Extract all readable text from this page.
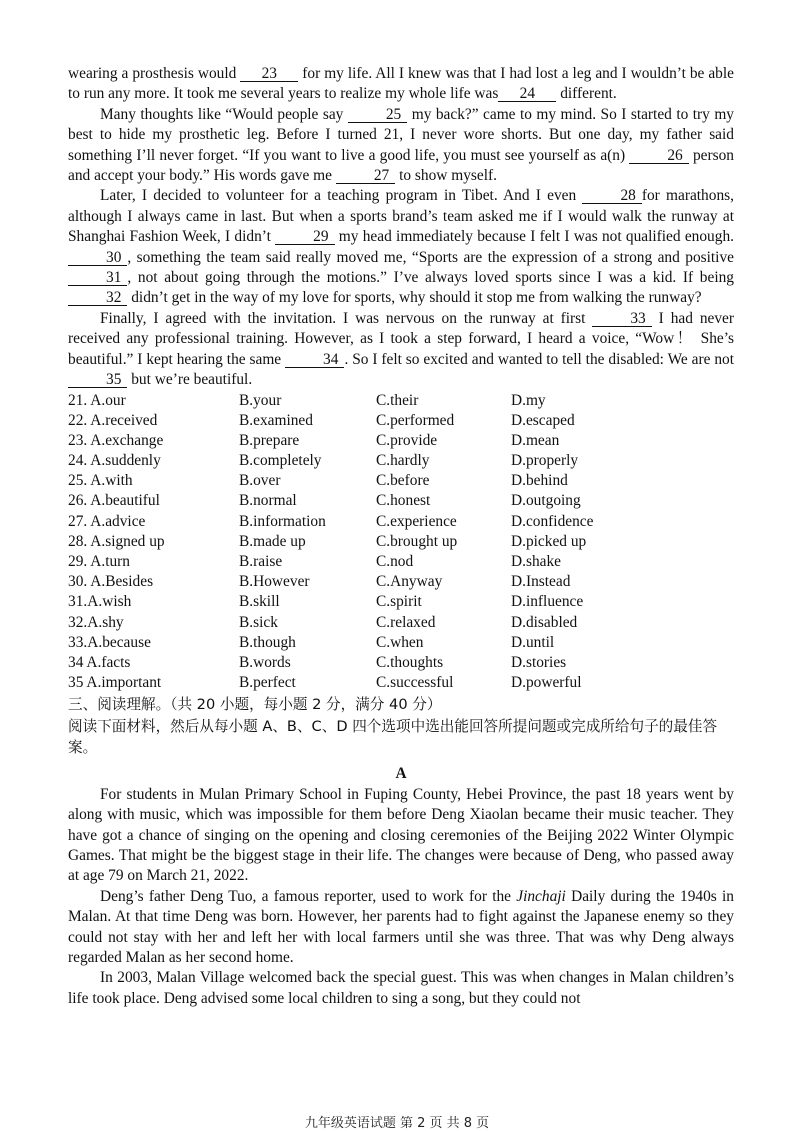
wearing a prosthesis would 23 for my life. All I knew was that I had lost a leg and I wouldn’t be able to run any more. It took me several years to realize my whole life was 24 different.

Many thoughts like “Would people say 25 my back?” came to my mind. So I started to try my best to hide my prosthetic leg. Before I turned 21, I never wore shorts. But one day, my father said something I’ll never forget. “If you want to live a good life, you must see yourself as a(n) 26 person and accept your body.” His words gave me 27 to show myself.

Later, I decided to volunteer for a teaching program in Tibet. And I even 28 for marathons, although I always came in last. But when a sports brand’s team asked me if I would walk the runway at Shanghai Fashion Week, I didn’t 29 my head immediately because I felt I was not qualified enough. 30 , something the team said really moved me, “Sports are the expression of a strong and positive 31 , not about going through the motions.” I’ve always loved sports since I was a kid. If being 32 didn’t get in the way of my love for sports, why should it stop me from walking the runway?

Finally, I agreed with the invitation. I was nervous on the runway at first 33 I had never received any professional training. However, as I took a step forward, I heard a voice, “Wow！ She’s beautiful.” I kept hearing the same 34 . So I felt so excited and wanted to tell the disabled: We are not 35 but we’re beautiful.

21. A.our	B.your	C.their	D.my
22. A.received	B.examined	C.performed	D.escaped
23. A.exchange	B.prepare	C.provide	D.mean
24. A.suddenly	B.completely	C.hardly	D.properly
25. A.with	B.over	C.before	D.behind
26. A.beautiful	B.normal	C.honest	D.outgoing
27. A.advice	B.information	C.experience	D.confidence
28. A.signed up	B.made up	C.brought up	D.picked up
29. A.turn	B.raise	C.nod	D.shake
30. A.Besides	B.However	C.Anyway	D.Instead
31.A.wish	B.skill	C.spirit	D.influence
32.A.shy	B.sick	C.relaxed	D.disabled
33.A.because	B.though	C.when	D.until
34 A.facts	B.words	C.thoughts	D.stories
35 A.important	B.perfect	C.successful	D.powerful

三、阅读理解。（共 20 小题，每小题 2 分，满分 40 分）

阅读下面材料，然后从每小题 A、B、C、D 四个选项中选出能回答所提问题或完成所给句子的最佳答案。

A

For students in Mulan Primary School in Fuping County, Hebei Province, the past 18 years went by along with music, which was impossible for them before Deng Xiaolan became their music teacher. They have got a chance of singing on the opening and closing ceremonies of the Beijing 2022 Winter Olympic Games. That might be the biggest stage in their life. The changes were because of Deng, who passed away at age 79 on March 21, 2022.

Deng’s father Deng Tuo, a famous reporter, used to work for the Jinchaji Daily during the 1940s in Malan. At that time Deng was born. However, her parents had to fight against the Japanese enemy so they could not stay with her and left her with local farmers until she was three. That was why Deng always regarded Malan as her second home.

In 2003, Malan Village welcomed back the special guest. This was when changes in Malan children’s life took place. Deng advised some local children to sing a song, but they could not

九年级英语试题 第 2 页 共 8 页
